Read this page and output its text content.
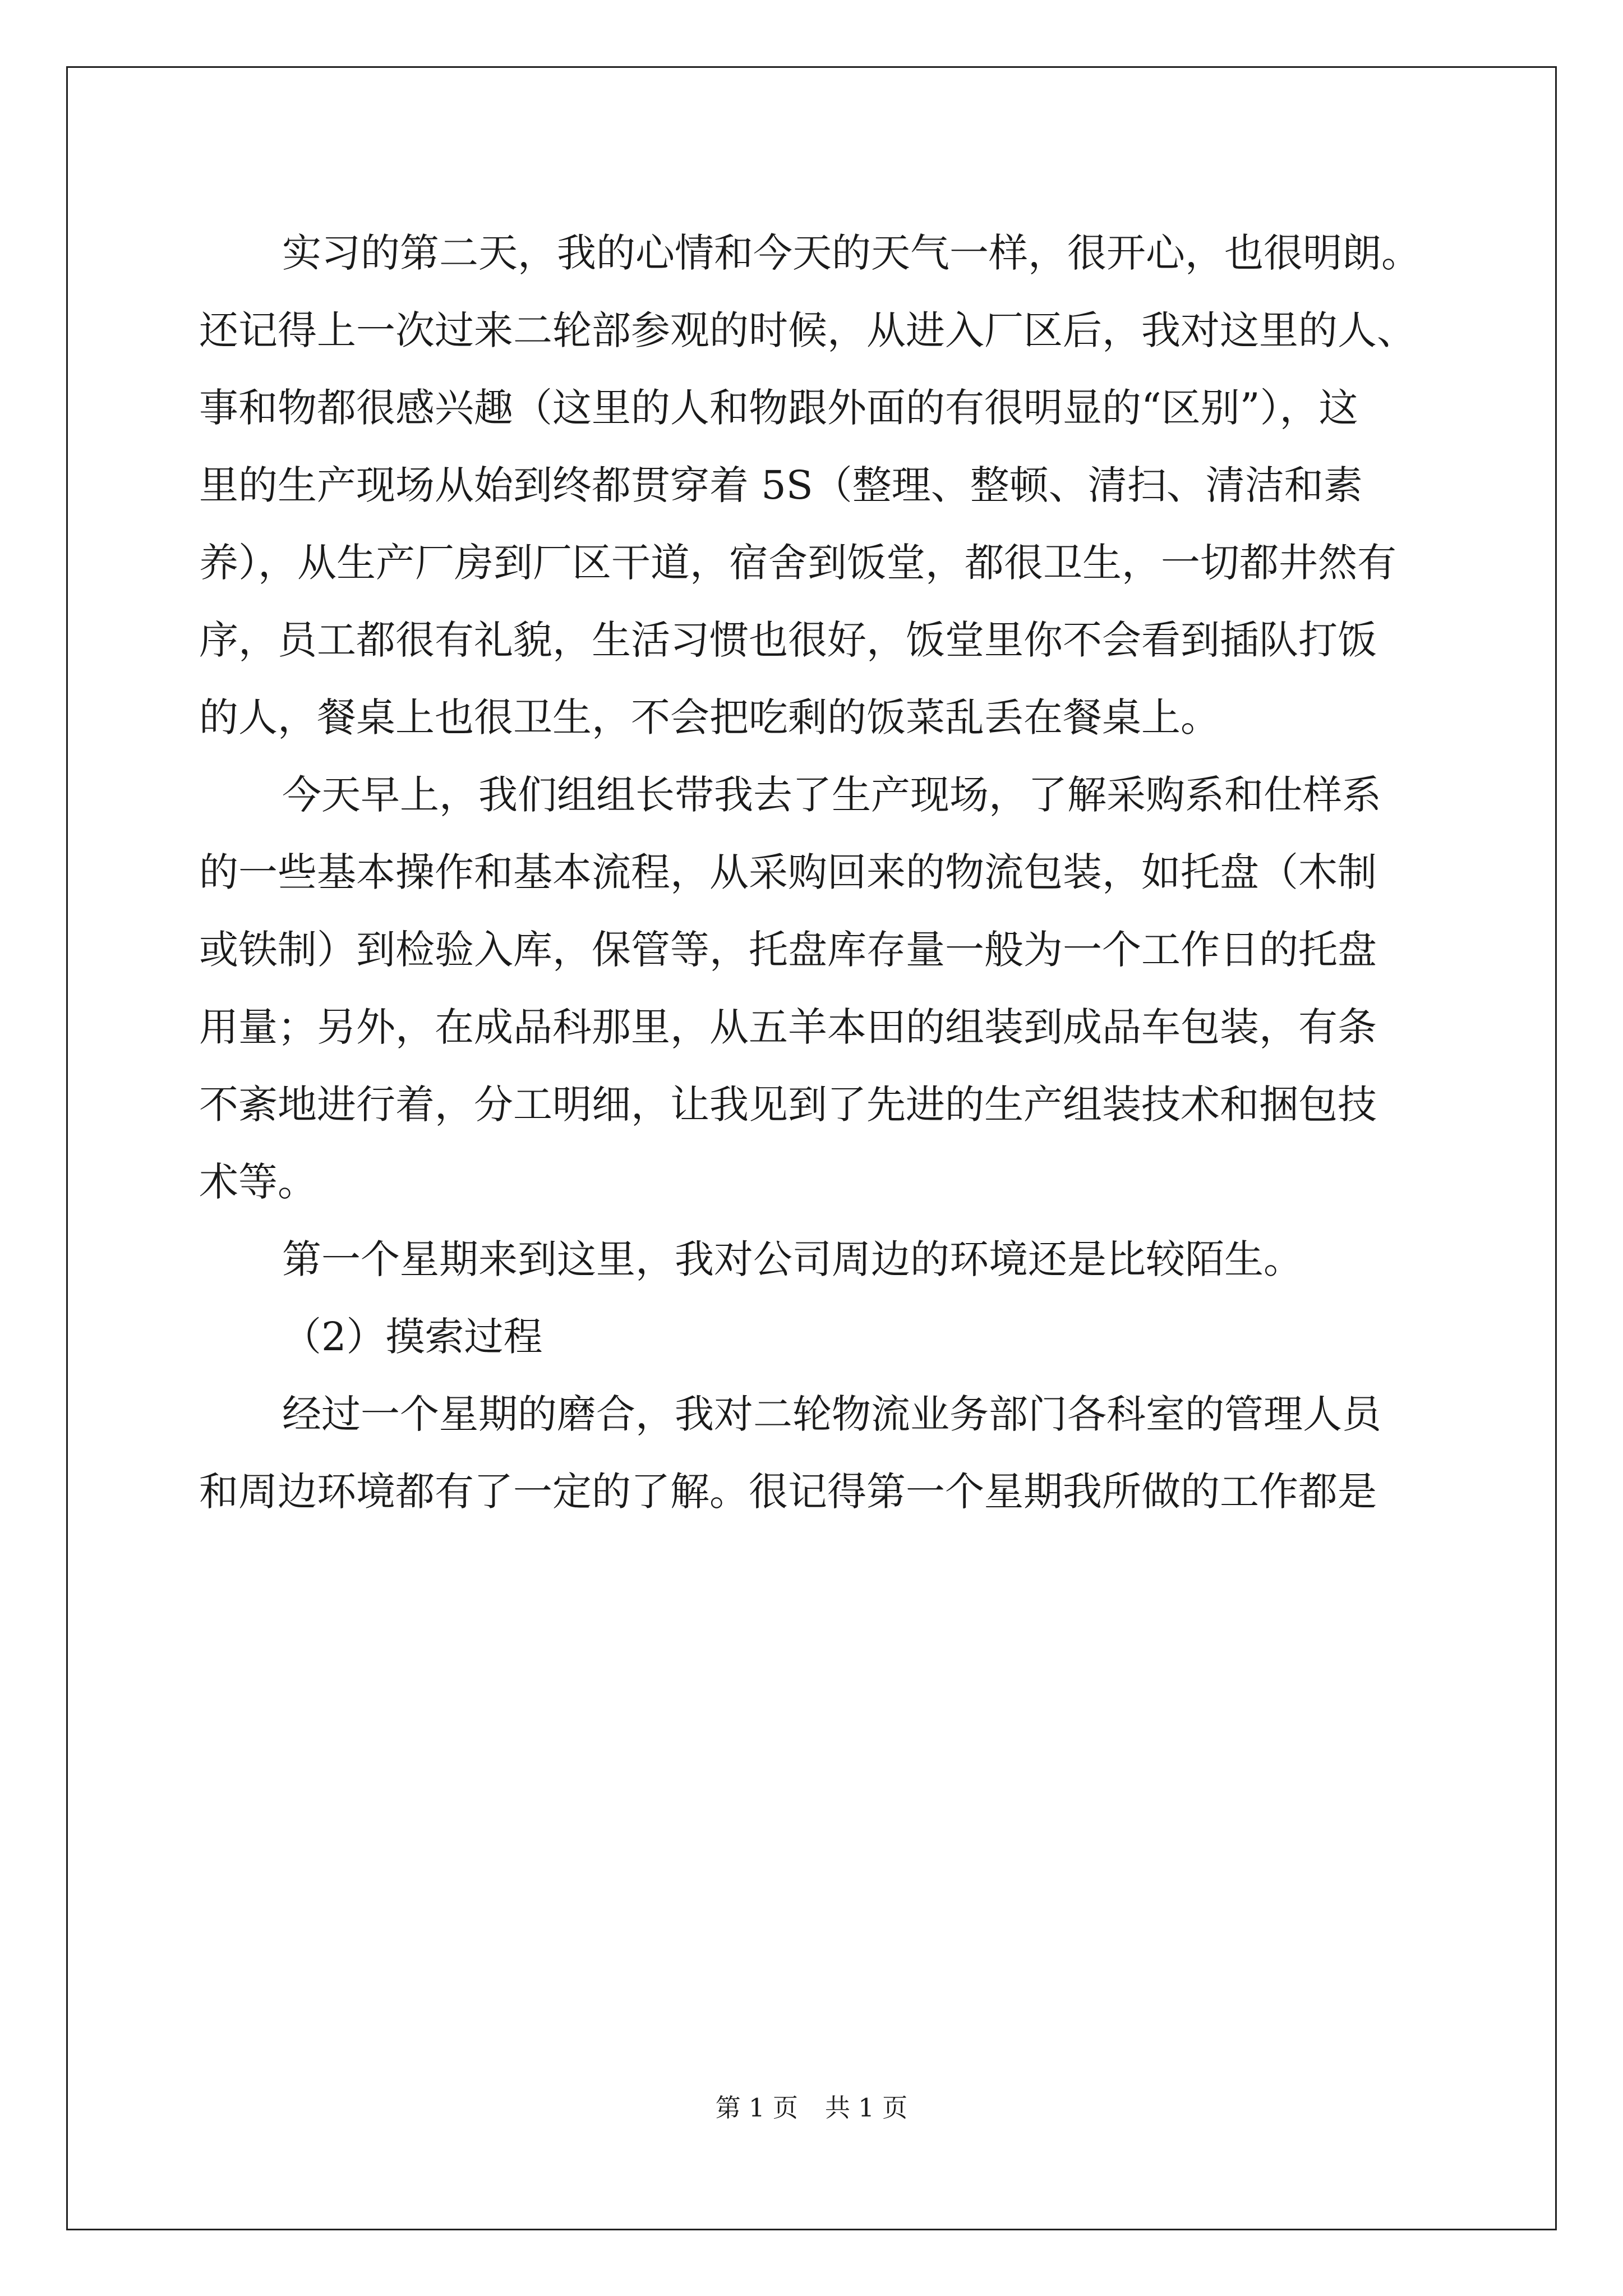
实习的第二天，我的心情和今天的天气一样，很开心，也很明朗。
还记得上一次过来二轮部参观的时候，从进入厂区后，我对这里的人、
事和物都很感兴趣（这里的人和物跟外面的有很明显的“区别”），这
里的生产现场从始到终都贯穿着 5S（整理、整顿、清扫、清洁和素
养），从生产厂房到厂区干道，宿舍到饭堂，都很卫生，一切都井然有
序，员工都很有礼貌，生活习惯也很好，饭堂里你不会看到插队打饭
的人，餐桌上也很卫生，不会把吃剩的饭菜乱丢在餐桌上。
今天早上，我们组组长带我去了生产现场，了解采购系和仕样系
的一些基本操作和基本流程，从采购回来的物流包装，如托盘（木制
或铁制）到检验入库，保管等，托盘库存量一般为一个工作日的托盘
用量；另外，在成品科那里，从五羊本田的组装到成品车包装，有条
不紊地进行着，分工明细，让我见到了先进的生产组装技术和捆包技
术等。
第一个星期来到这里，我对公司周边的环境还是比较陌生。
（2）摸索过程
经过一个星期的磨合，我对二轮物流业务部门各科室的管理人员
和周边环境都有了一定的了解。很记得第一个星期我所做的工作都是
第 1 页 共 1 页
